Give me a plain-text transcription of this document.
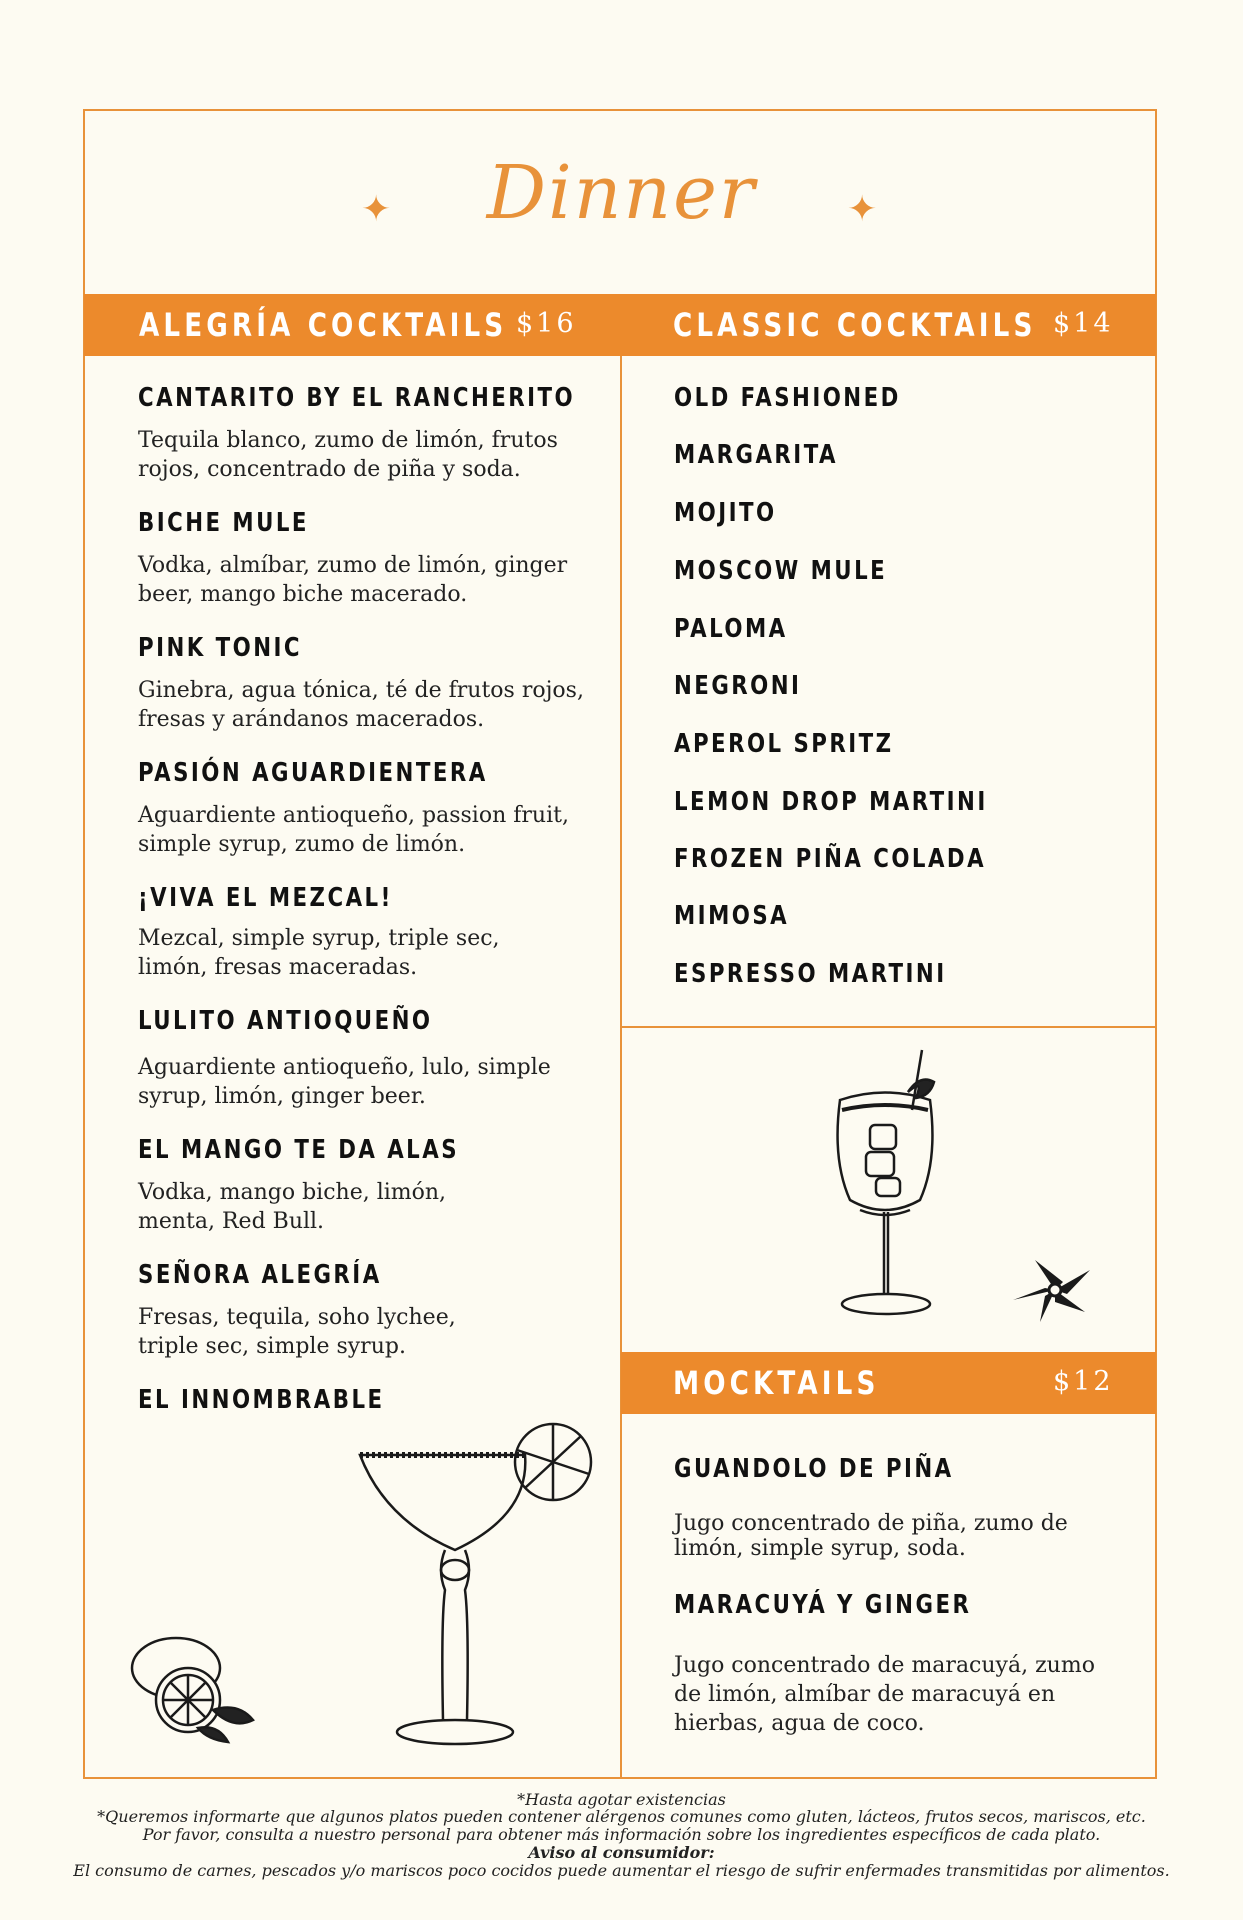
Dinner
✦	✦
ALEGRÍA COCKTAILS $16	CLASSIC COCKTAILS $14
MOCKTAILS	$12
CANTARITO BY EL RANCHERITO
Tequila blanco, zumo de limón, frutos rojos, concentrado de piña y soda.
BICHE MULE
Vodka, almíbar, zumo de limón, ginger beer, mango biche macerado.
PINK TONIC
Ginebra, agua tónica, té de frutos rojos, fresas y arándanos macerados.
PASIÓN AGUARDIENTERA
Aguardiente antioqueño, passion fruit, simple syrup, zumo de limón.
¡VIVA EL MEZCAL!
Mezcal, simple syrup, triple sec, limón, fresas maceradas.
LULITO ANTIOQUEÑO
Aguardiente antioqueño, lulo, simple syrup, limón, ginger beer.
EL MANGO TE DA ALAS
Vodka, mango biche, limón, menta, Red Bull.
SEÑORA ALEGRÍA
Fresas, tequila, soho lychee, triple sec, simple syrup.
EL INNOMBRABLE
OLD FASHIONED
MARGARITA
MOJITO
MOSCOW MULE
PALOMA
NEGRONI
APEROL SPRITZ
LEMON DROP MARTINI
FROZEN PIÑA COLADA
MIMOSA
ESPRESSO MARTINI
GUANDOLO DE PIÑA
Jugo concentrado de piña, zumo de limón, simple syrup, soda.
MARACUYÁ Y GINGER
Jugo concentrado de maracuyá, zumo de limón, almíbar de maracuyá en hierbas, agua de coco.
*Hasta agotar existencias
*Queremos informarte que algunos platos pueden contener alérgenos comunes como gluten, lácteos, frutos secos, mariscos, etc.
Por favor, consulta a nuestro personal para obtener más información sobre los ingredientes específicos de cada plato.
Aviso al consumidor:
El consumo de carnes, pescados y/o mariscos poco cocidos puede aumentar el riesgo de sufrir enfermades transmitidas por alimentos.
